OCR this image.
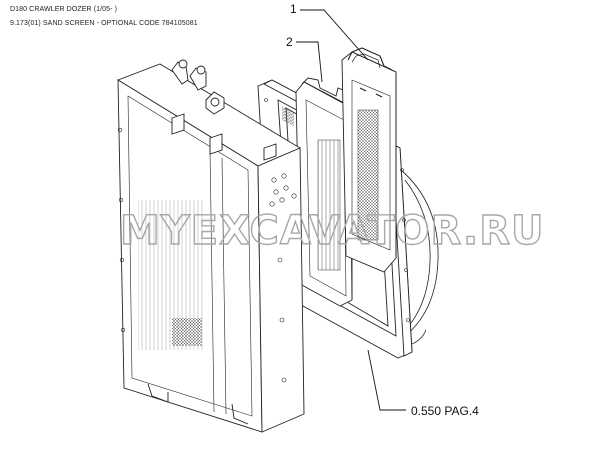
D180 CRAWLER DOZER (1/05- )
9.173(01) SAND SCREEN - OPTIONAL CODE 784105081
MYEXCAVATOR.RU
1
2
0.550 PAG.4
